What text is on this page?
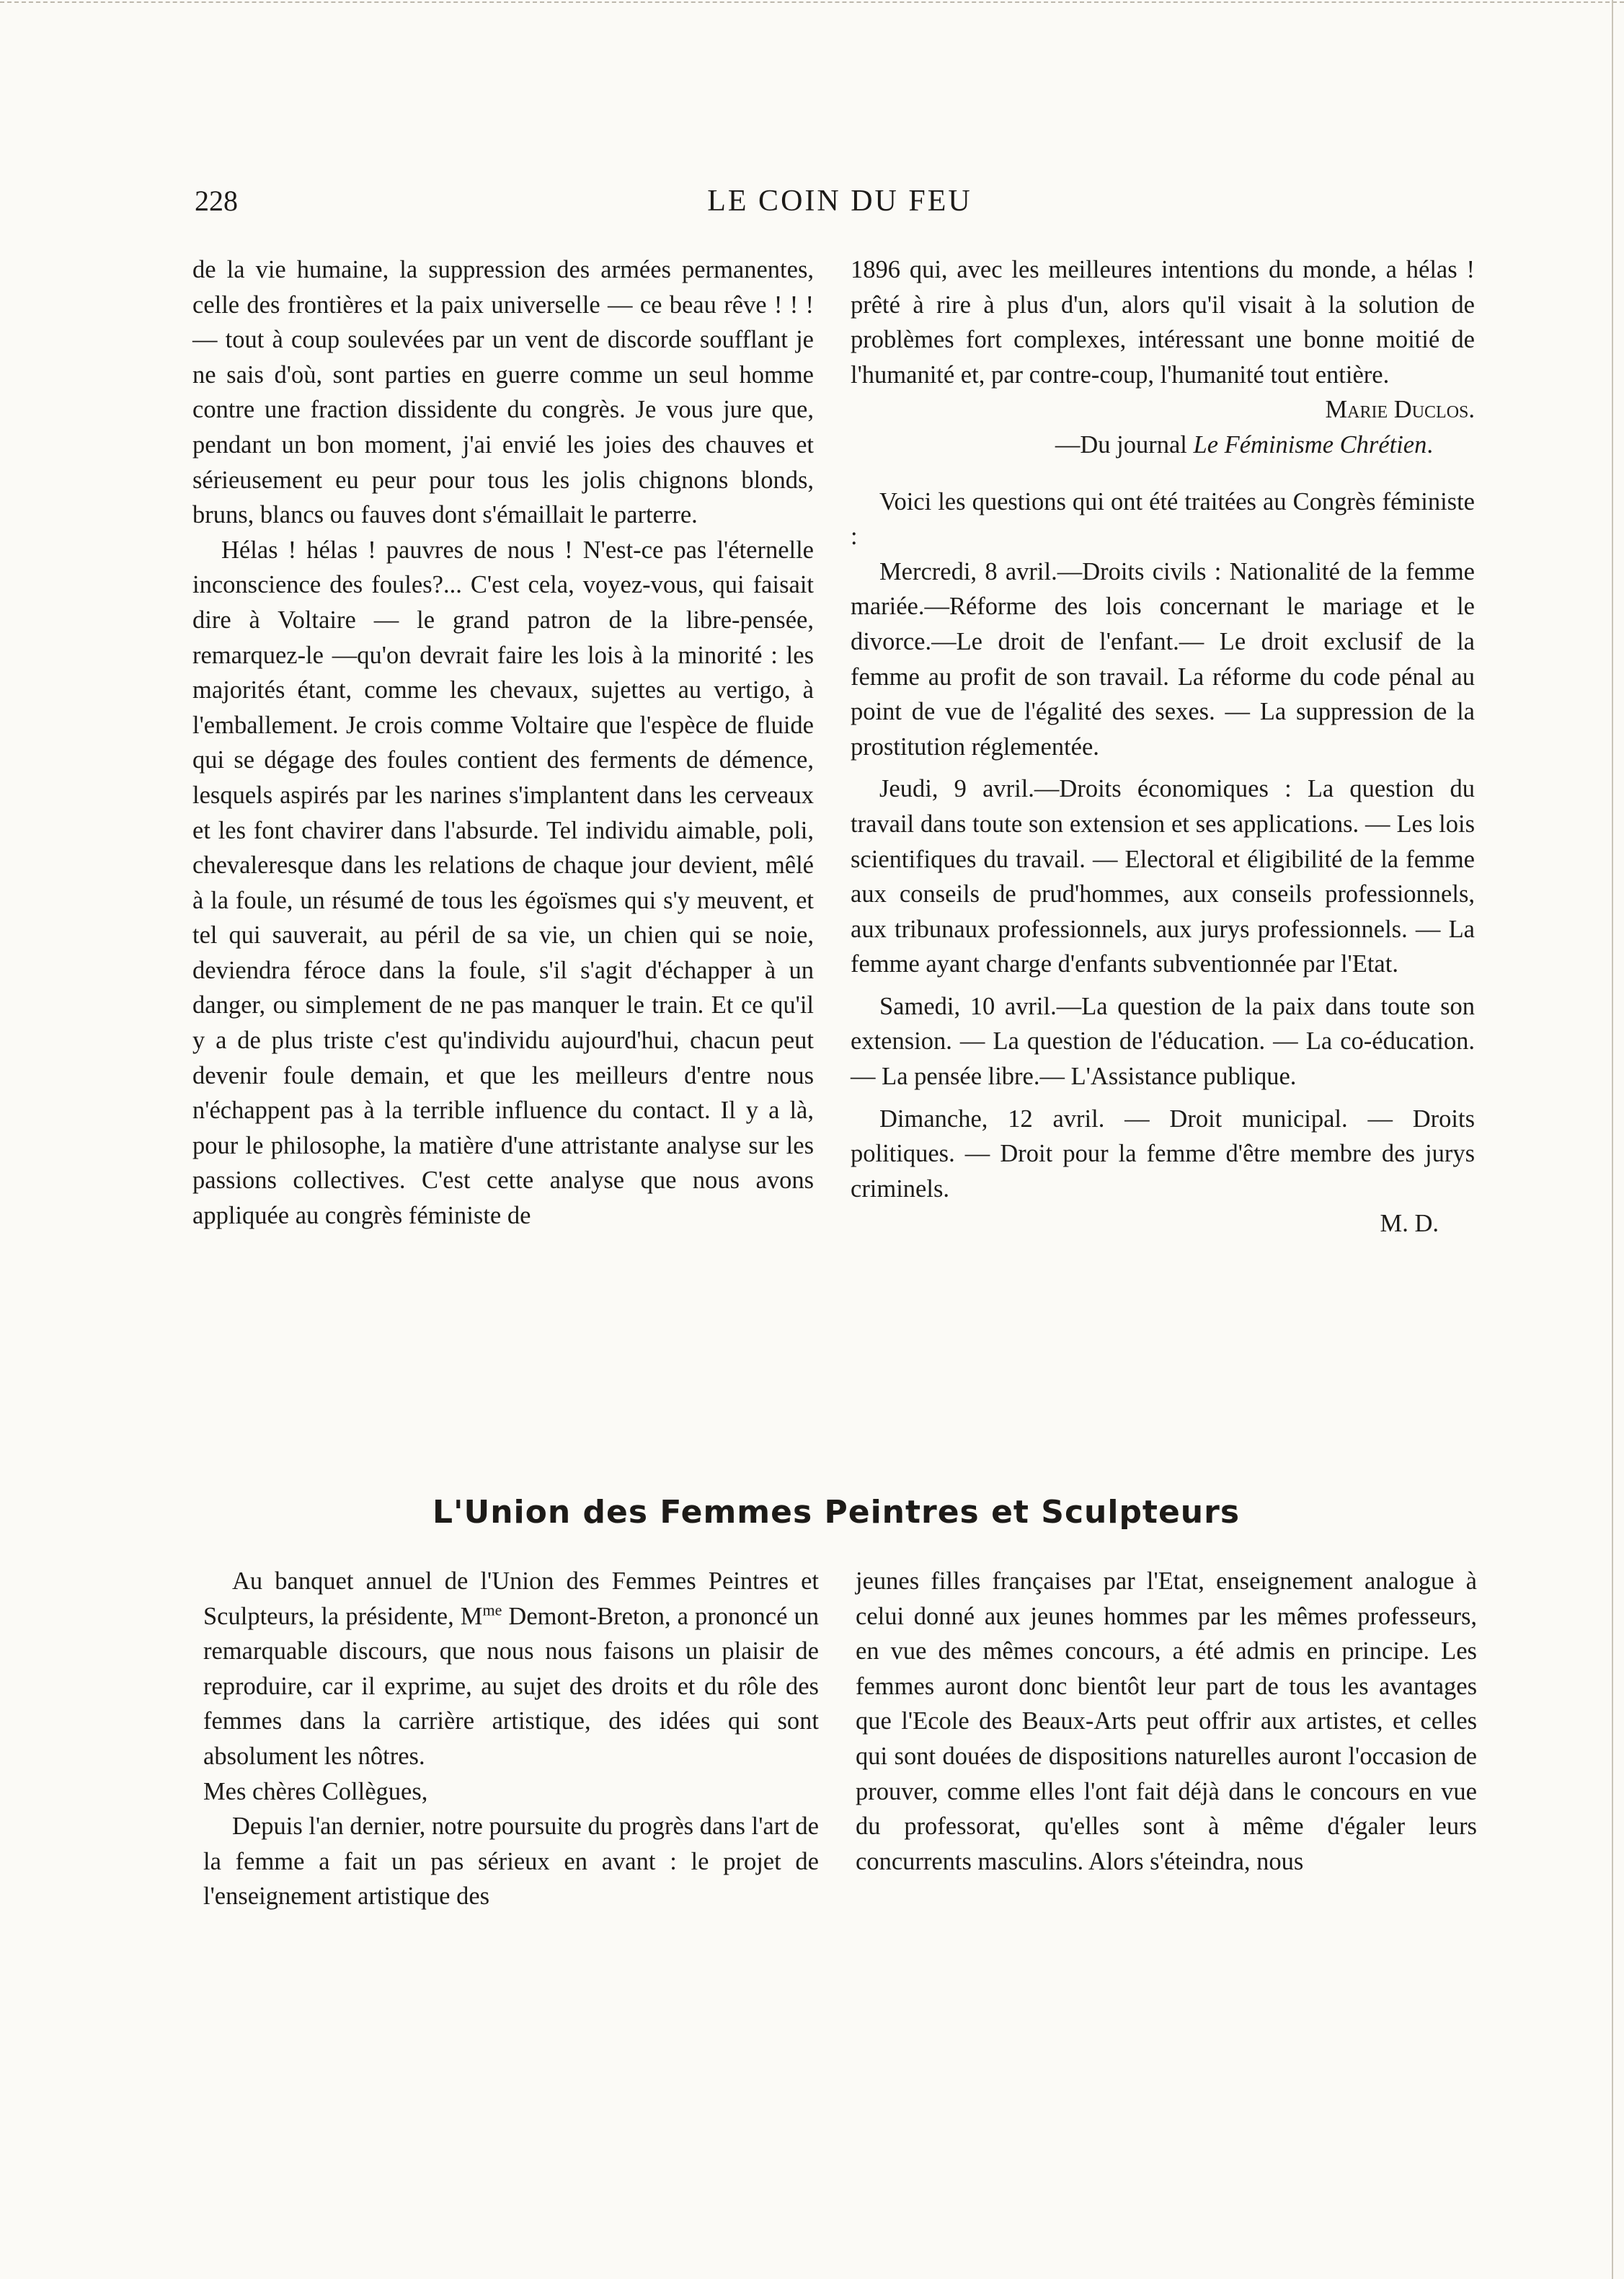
228	LE COIN DU FEU

de la vie humaine, la suppression des armées permanentes, celle des frontières et la paix universelle — ce beau rêve ! ! ! — tout à coup soulevées par un vent de discorde soufflant je ne sais d'où, sont parties en guerre comme un seul homme contre une fraction dissidente du congrès. Je vous jure que, pendant un bon moment, j'ai envié les joies des chauves et sérieusement eu peur pour tous les jolis chignons blonds, bruns, blancs ou fauves dont s'émaillait le parterre.

Hélas ! hélas ! pauvres de nous ! N'est-ce pas l'éternelle inconscience des foules?... C'est cela, voyez-vous, qui faisait dire à Voltaire — le grand patron de la libre-pensée, remarquez-le —qu'on devrait faire les lois à la minorité : les majorités étant, comme les chevaux, sujettes au vertigo, à l'emballement. Je crois comme Voltaire que l'espèce de fluide qui se dégage des foules contient des ferments de démence, lesquels aspirés par les narines s'implantent dans les cerveaux et les font chavirer dans l'absurde. Tel individu aimable, poli, chevaleresque dans les relations de chaque jour devient, mêlé à la foule, un résumé de tous les égoïsmes qui s'y meuvent, et tel qui sauverait, au péril de sa vie, un chien qui se noie, deviendra féroce dans la foule, s'il s'agit d'échapper à un danger, ou simplement de ne pas manquer le train. Et ce qu'il y a de plus triste c'est qu'individu aujourd'hui, chacun peut devenir foule demain, et que les meilleurs d'entre nous n'échappent pas à la terrible influence du contact. Il y a là, pour le philosophe, la matière d'une attristante analyse sur les passions collectives. C'est cette analyse que nous avons appliquée au congrès féministe de

1896 qui, avec les meilleures intentions du monde, a hélas ! prêté à rire à plus d'un, alors qu'il visait à la solution de problèmes fort complexes, intéressant une bonne moitié de l'humanité et, par contre-coup, l'humanité tout entière.

Marie Duclos.

—Du journal Le Féminisme Chrétien.

Voici les questions qui ont été traitées au Congrès féministe :

Mercredi, 8 avril.—Droits civils : Nationalité de la femme mariée.—Réforme des lois concernant le mariage et le divorce.—Le droit de l'enfant.— Le droit exclusif de la femme au profit de son travail. La réforme du code pénal au point de vue de l'égalité des sexes. — La suppression de la prostitution réglementée.

Jeudi, 9 avril.—Droits économiques : La question du travail dans toute son extension et ses applications. — Les lois scientifiques du travail. — Electoral et éligibilité de la femme aux conseils de prud'hommes, aux conseils professionnels, aux tribunaux professionnels, aux jurys professionnels. — La femme ayant charge d'enfants subventionnée par l'Etat.

Samedi, 10 avril.—La question de la paix dans toute son extension. — La question de l'éducation. — La co-éducation. — La pensée libre.— L'Assistance publique.

Dimanche, 12 avril. — Droit municipal. — Droits politiques. — Droit pour la femme d'être membre des jurys criminels.

M. D.

L'Union des Femmes Peintres et Sculpteurs

Au banquet annuel de l'Union des Femmes Peintres et Sculpteurs, la présidente, $M^{me}$ Demont-Breton, a prononcé un remarquable discours, que nous nous faisons un plaisir de reproduire, car il exprime, au sujet des droits et du rôle des femmes dans la carrière artistique, des idées qui sont absolument les nôtres.

Mes chères Collègues,

Depuis l'an dernier, notre poursuite du progrès dans l'art de la femme a fait un pas sérieux en avant : le projet de l'enseignement artistique des

jeunes filles françaises par l'Etat, enseignement analogue à celui donné aux jeunes hommes par les mêmes professeurs, en vue des mêmes concours, a été admis en principe. Les femmes auront donc bientôt leur part de tous les avantages que l'Ecole des Beaux-Arts peut offrir aux artistes, et celles qui sont douées de dispositions naturelles auront l'occasion de prouver, comme elles l'ont fait déjà dans le concours en vue du professorat, qu'elles sont à même d'égaler leurs concurrents masculins. Alors s'éteindra, nous
